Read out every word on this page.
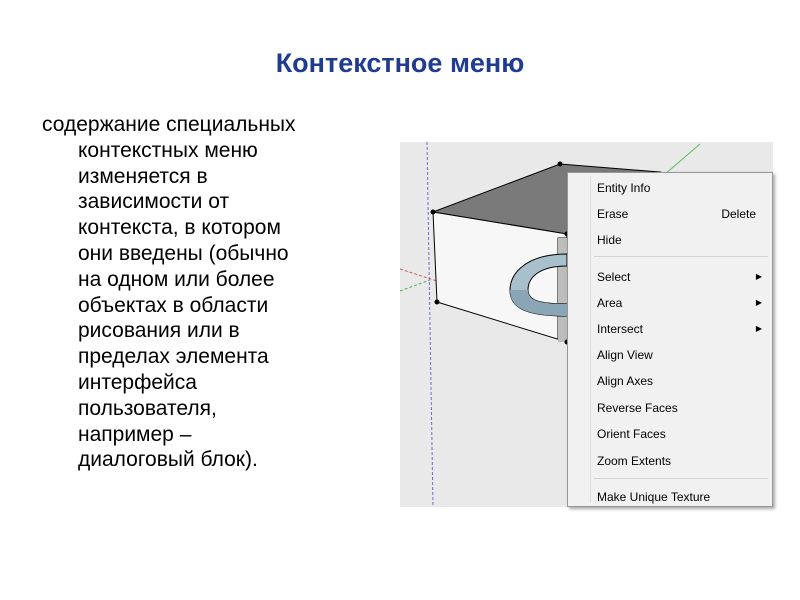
Контекстное меню
содержание специальных
контекстных меню
изменяется в
зависимости от
контекста, в котором
они введены (обычно
на одном или более
объектах в области
рисования или в
пределах элемента
интерфейса
пользователя,
например –
диалоговый блок).
Entity Info
Erase	Delete
Hide
Select	▶
Area	▶
Intersect	▶
Align View
Align Axes
Reverse Faces
Orient Faces
Zoom Extents
Make Unique Texture
